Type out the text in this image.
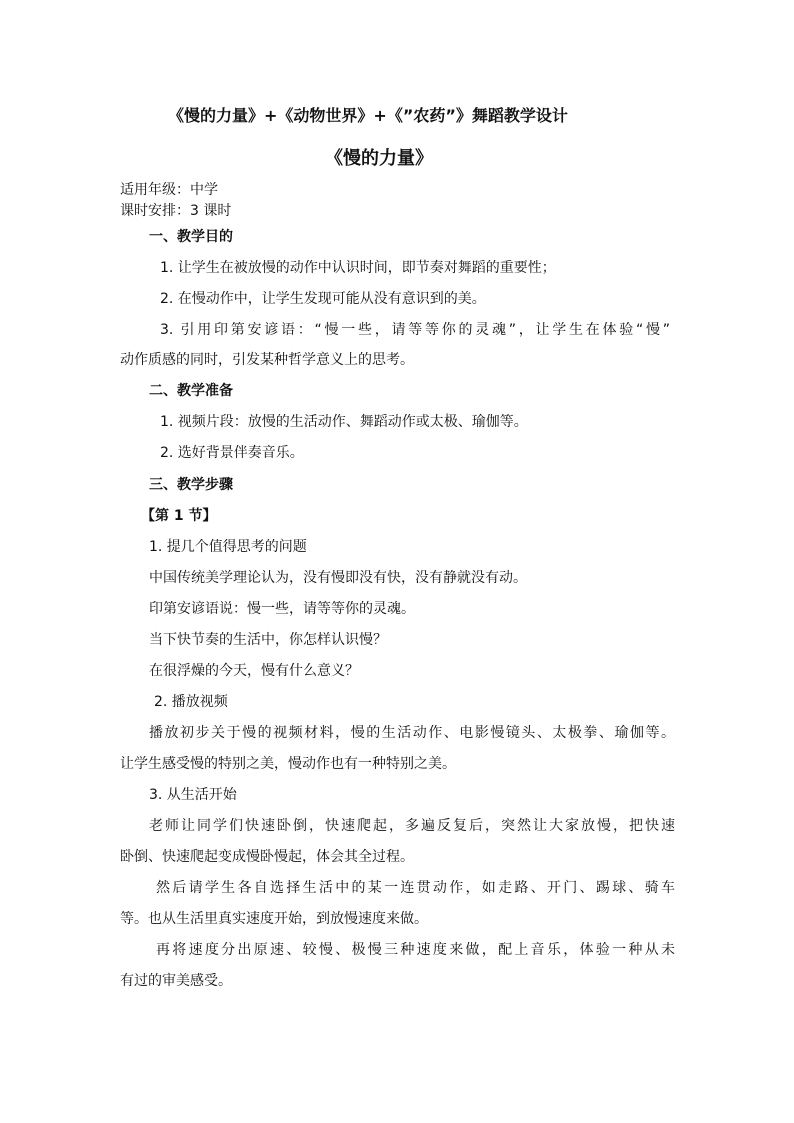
《慢的力量》+《动物世界》+《”农药”》舞蹈教学设计
《慢的力量》
适用年级：中学
课时安排：3 课时
一、教学目的
1. 让学生在被放慢的动作中认识时间，即节奏对舞蹈的重要性；
2. 在慢动作中，让学生发现可能从没有意识到的美。
3. 引用印第安谚语：“慢一些，请等等你的灵魂”，让学生在体验“慢”
动作质感的同时，引发某种哲学意义上的思考。
二、教学准备
1. 视频片段：放慢的生活动作、舞蹈动作或太极、瑜伽等。
2. 选好背景伴奏音乐。
三、教学步骤
【第 1 节】
1. 提几个值得思考的问题
中国传统美学理论认为，没有慢即没有快，没有静就没有动。
印第安谚语说：慢一些，请等等你的灵魂。
当下快节奏的生活中，你怎样认识慢？
在很浮燥的今天，慢有什么意义？
2. 播放视频
播放初步关于慢的视频材料，慢的生活动作、电影慢镜头、太极拳、瑜伽等。
让学生感受慢的特别之美，慢动作也有一种特别之美。
3. 从生活开始
老师让同学们快速卧倒，快速爬起，多遍反复后，突然让大家放慢，把快速
卧倒、快速爬起变成慢卧慢起，体会其全过程。
然后请学生各自选择生活中的某一连贯动作，如走路、开门、踢球、骑车
等。也从生活里真实速度开始，到放慢速度来做。
再将速度分出原速、较慢、极慢三种速度来做，配上音乐，体验一种从未
有过的审美感受。
